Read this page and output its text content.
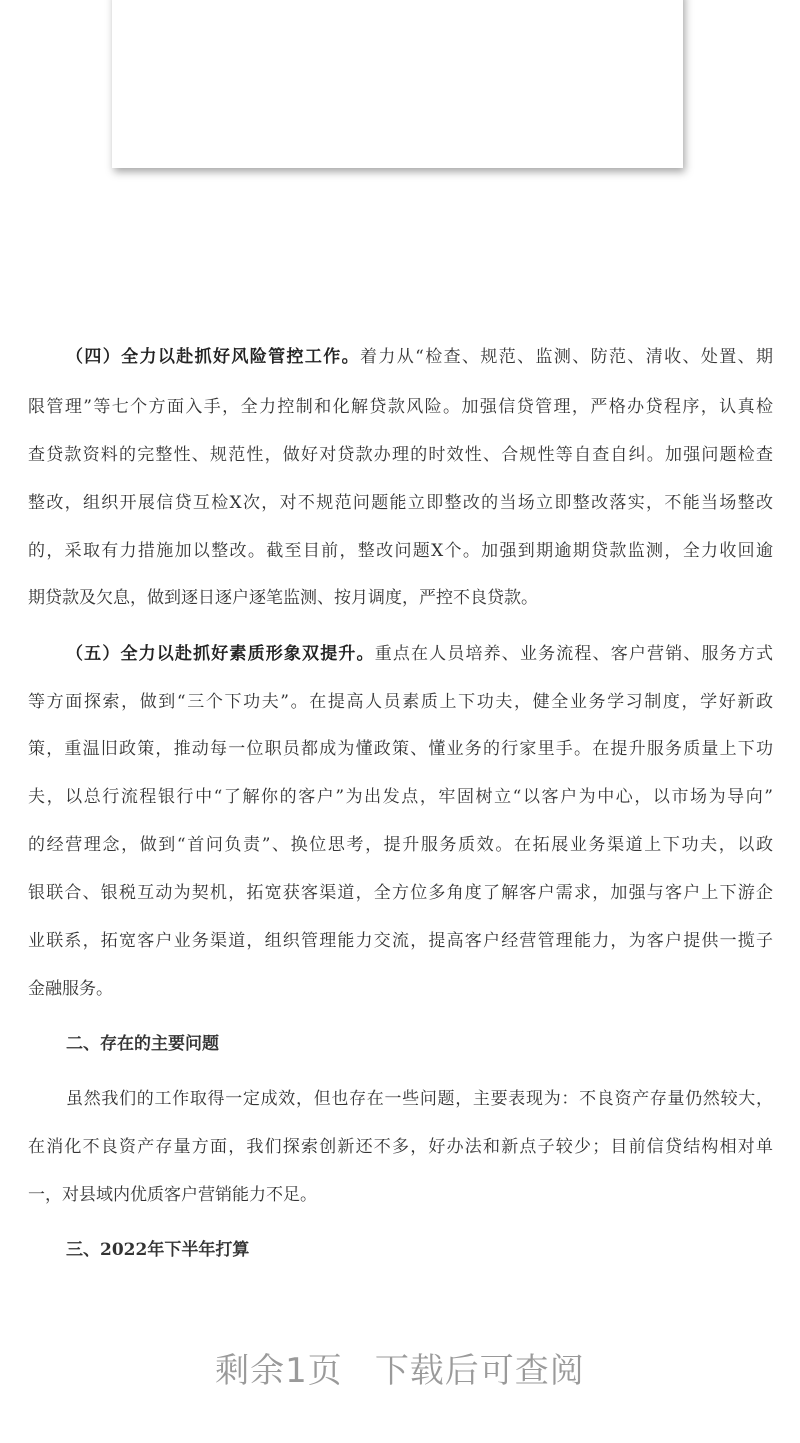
（四）全力以赴抓好风险管控工作。着力从“检查、规范、监测、防范、清收、处置、期
限管理”等七个方面入手，全力控制和化解贷款风险。加强信贷管理，严格办贷程序，认真检
查贷款资料的完整性、规范性，做好对贷款办理的时效性、合规性等自查自纠。加强问题检查
整改，组织开展信贷互检X次，对不规范问题能立即整改的当场立即整改落实，不能当场整改
的，采取有力措施加以整改。截至目前，整改问题X个。加强到期逾期贷款监测，全力收回逾
期贷款及欠息，做到逐日逐户逐笔监测、按月调度，严控不良贷款。
（五）全力以赴抓好素质形象双提升。重点在人员培养、业务流程、客户营销、服务方式
等方面探索，做到“三个下功夫”。在提高人员素质上下功夫，健全业务学习制度，学好新政
策，重温旧政策，推动每一位职员都成为懂政策、懂业务的行家里手。在提升服务质量上下功
夫，以总行流程银行中“了解你的客户”为出发点，牢固树立“以客户为中心，以市场为导向”
的经营理念，做到“首问负责”、换位思考，提升服务质效。在拓展业务渠道上下功夫，以政
银联合、银税互动为契机，拓宽获客渠道，全方位多角度了解客户需求，加强与客户上下游企
业联系，拓宽客户业务渠道，组织管理能力交流，提高客户经营管理能力，为客户提供一揽子
金融服务。
二、存在的主要问题
虽然我们的工作取得一定成效，但也存在一些问题，主要表现为：不良资产存量仍然较大，
在消化不良资产存量方面，我们探索创新还不多，好办法和新点子较少；目前信贷结构相对单
一，对县域内优质客户营销能力不足。
三、2022年下半年打算
剩余1页 下载后可查阅
